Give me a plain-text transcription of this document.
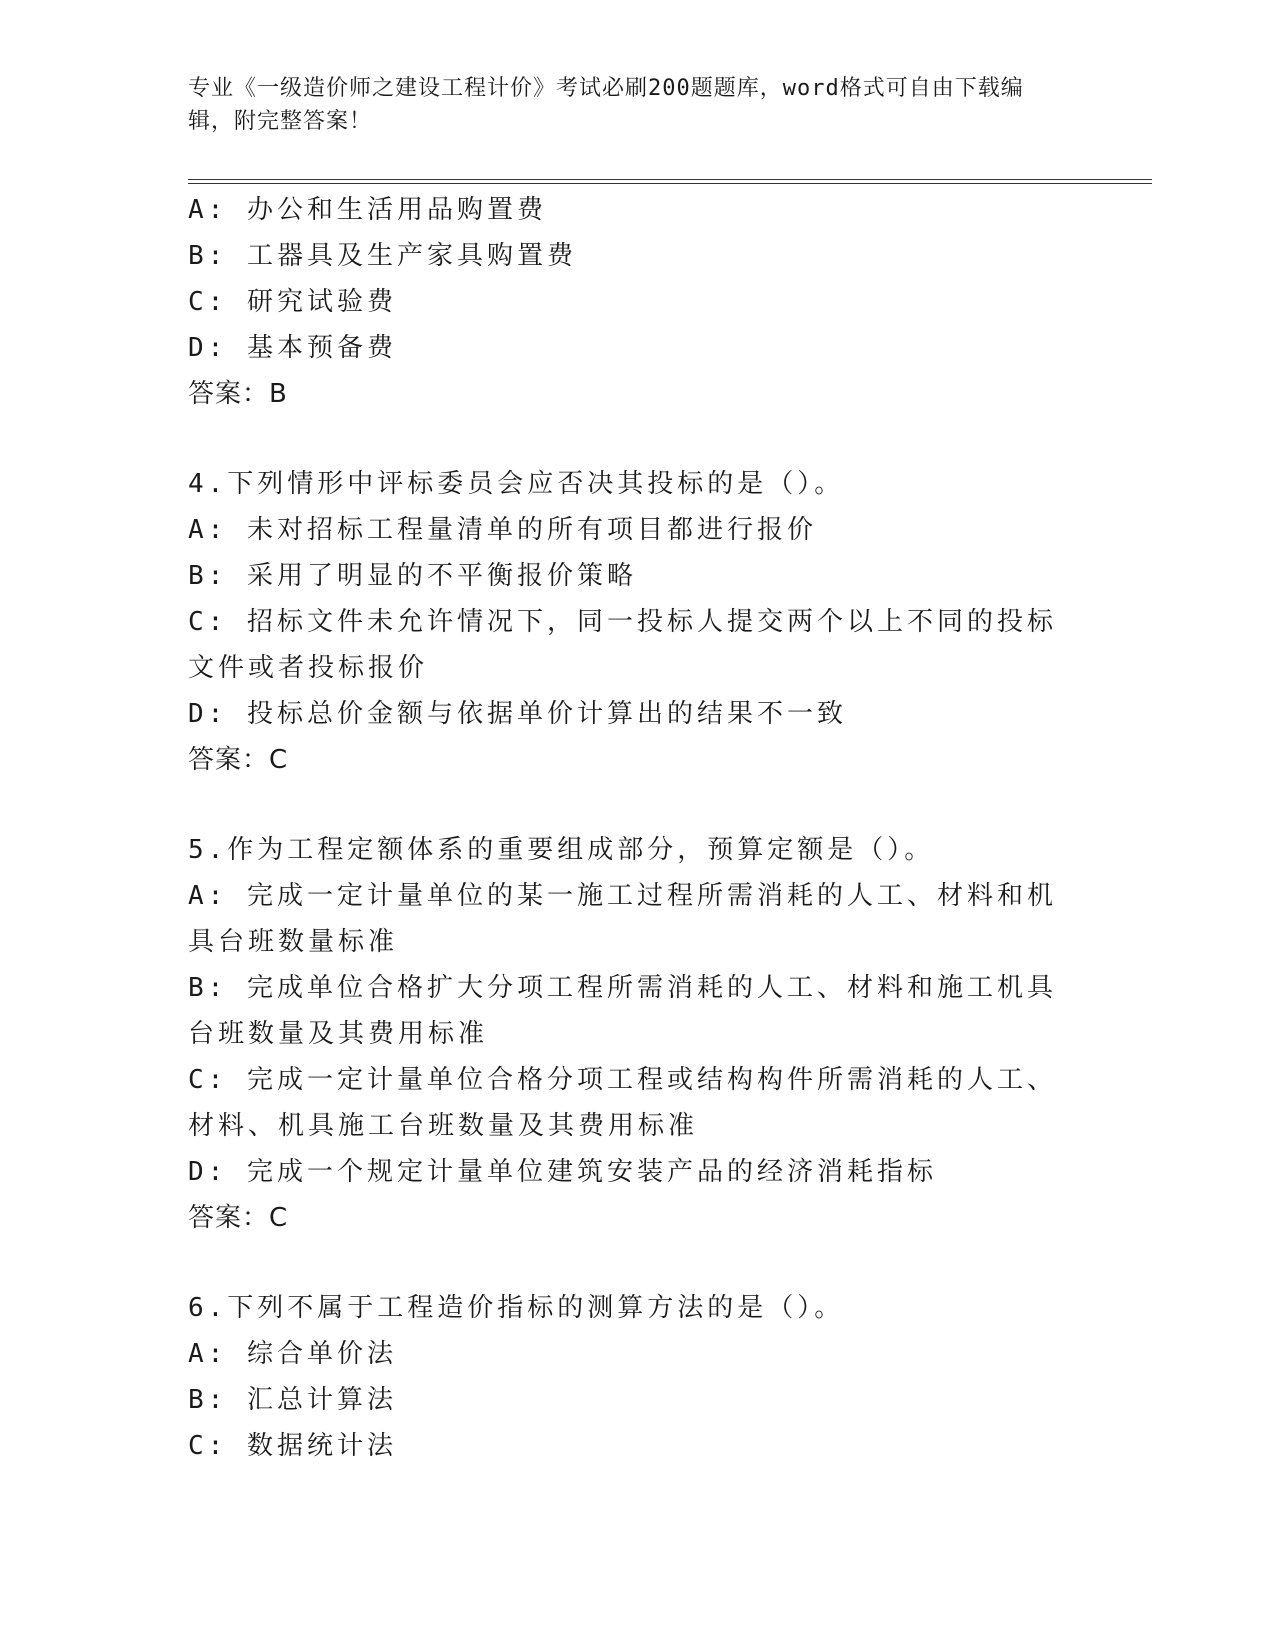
专业《一级造价师之建设工程计价》考试必刷200题题库，word格式可自由下载编辑，附完整答案！

A: 办公和生活用品购置费

B: 工器具及生产家具购置费

C: 研究试验费

D: 基本预备费

答案：B

4.下列情形中评标委员会应否决其投标的是（）。

A: 未对招标工程量清单的所有项目都进行报价

B: 采用了明显的不平衡报价策略

C: 招标文件未允许情况下，同一投标人提交两个以上不同的投标文件或者投标报价

D: 投标总价金额与依据单价计算出的结果不一致

答案：C

5.作为工程定额体系的重要组成部分，预算定额是（）。

A: 完成一定计量单位的某一施工过程所需消耗的人工、材料和机具台班数量标准

B: 完成单位合格扩大分项工程所需消耗的人工、材料和施工机具台班数量及其费用标准

C: 完成一定计量单位合格分项工程或结构构件所需消耗的人工、材料、机具施工台班数量及其费用标准

D: 完成一个规定计量单位建筑安装产品的经济消耗指标

答案：C

6.下列不属于工程造价指标的测算方法的是（）。

A: 综合单价法

B: 汇总计算法

C: 数据统计法
